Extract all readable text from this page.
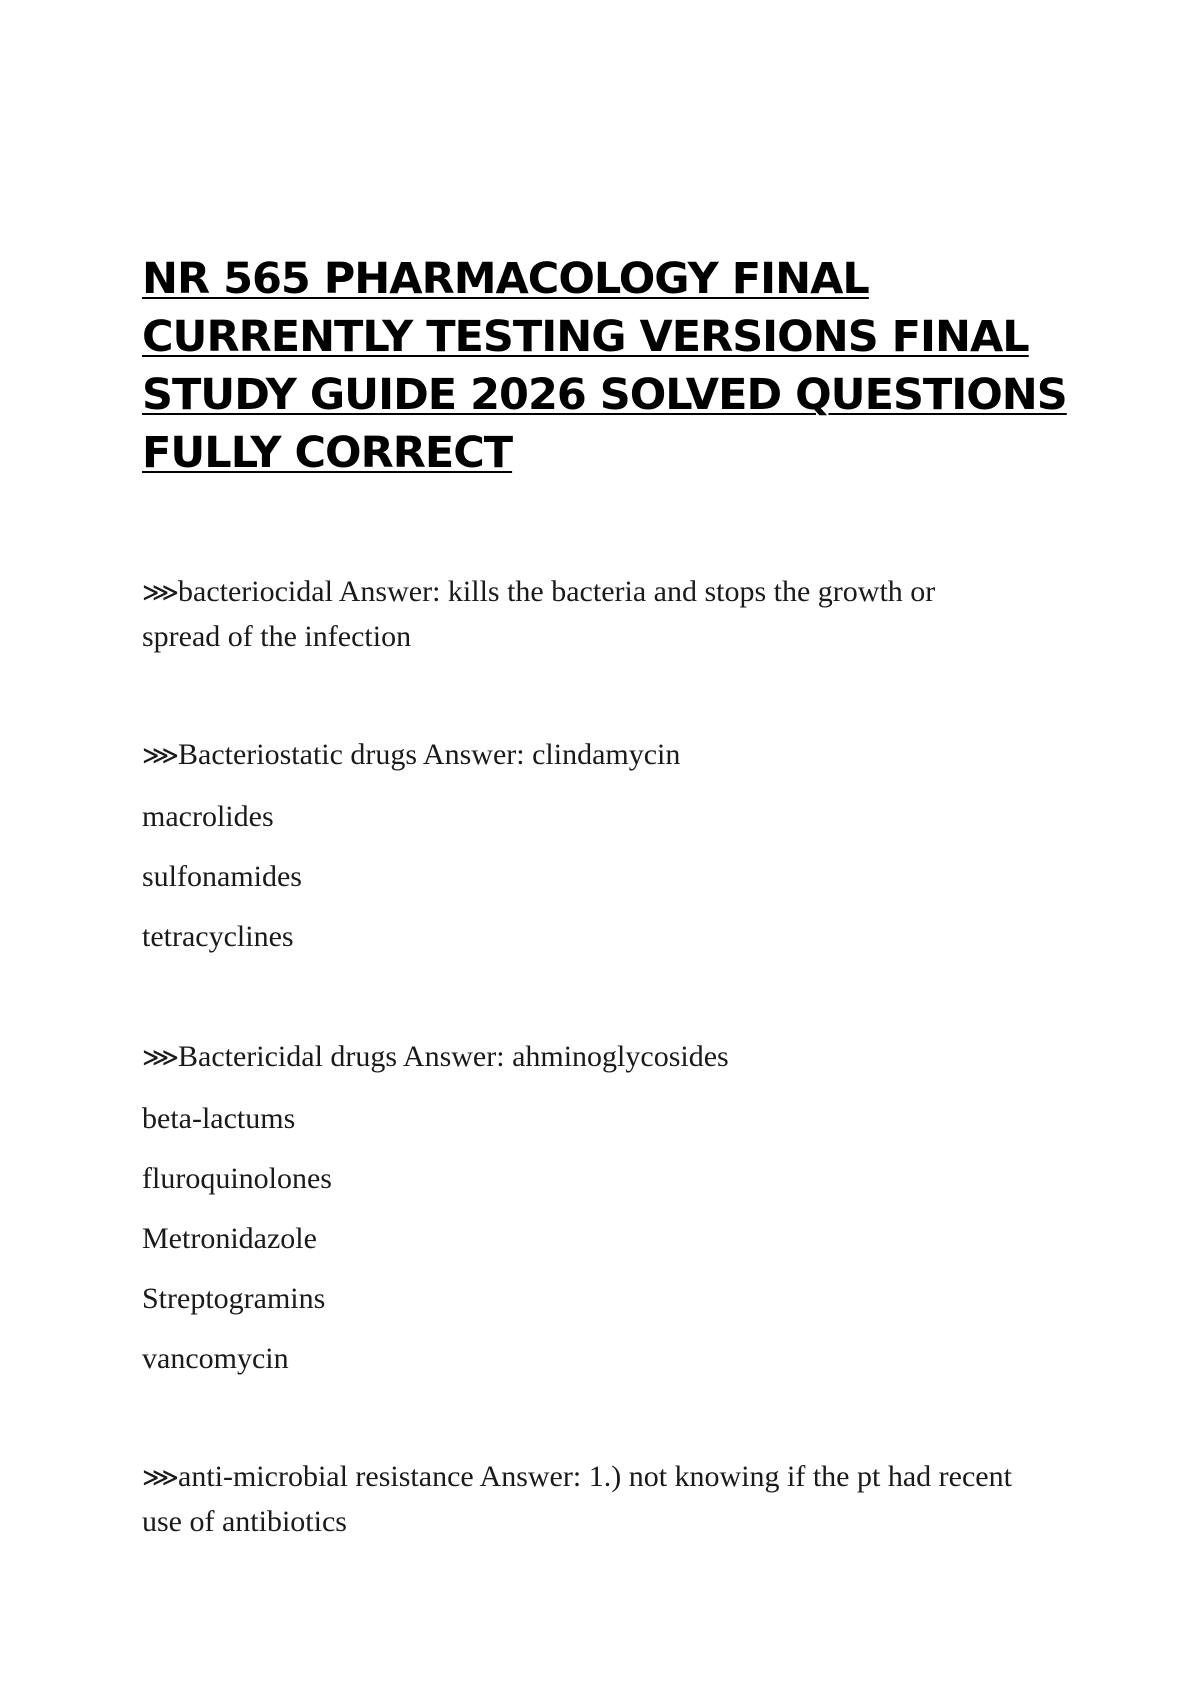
NR 565 PHARMACOLOGY FINAL
CURRENTLY TESTING VERSIONS FINAL
STUDY GUIDE 2026 SOLVED QUESTIONS
FULLY CORRECT
⋙bacteriocidal Answer: kills the bacteria and stops the growth or
spread of the infection
⋙Bacteriostatic drugs Answer: clindamycin
macrolides
sulfonamides
tetracyclines
⋙Bactericidal drugs Answer: ahminoglycosides
beta-lactums
fluroquinolones
Metronidazole
Streptogramins
vancomycin
⋙anti-microbial resistance Answer: 1.) not knowing if the pt had recent
use of antibiotics
